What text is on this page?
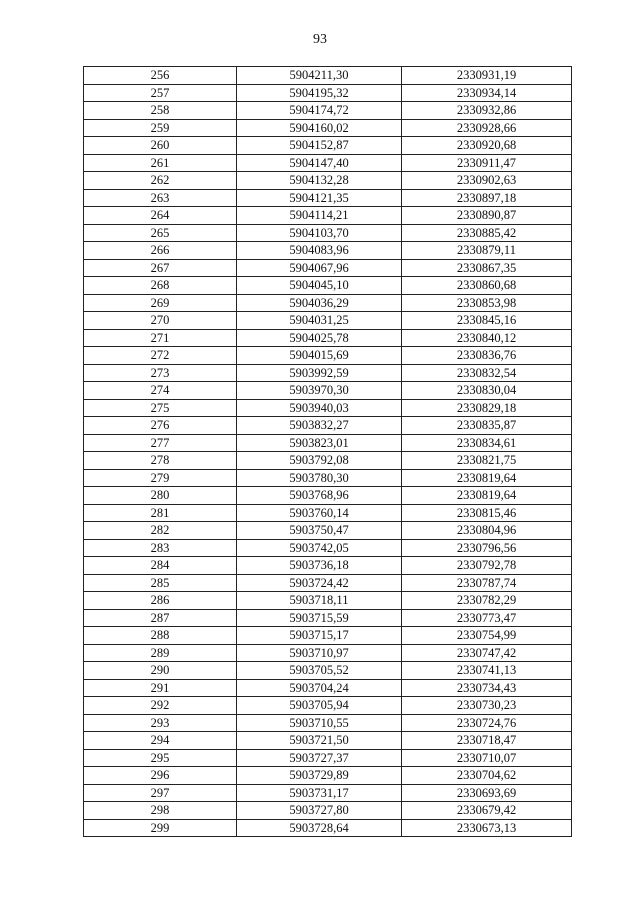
93
256	5904211,30	2330931,19
257	5904195,32	2330934,14
258	5904174,72	2330932,86
259	5904160,02	2330928,66
260	5904152,87	2330920,68
261	5904147,40	2330911,47
262	5904132,28	2330902,63
263	5904121,35	2330897,18
264	5904114,21	2330890,87
265	5904103,70	2330885,42
266	5904083,96	2330879,11
267	5904067,96	2330867,35
268	5904045,10	2330860,68
269	5904036,29	2330853,98
270	5904031,25	2330845,16
271	5904025,78	2330840,12
272	5904015,69	2330836,76
273	5903992,59	2330832,54
274	5903970,30	2330830,04
275	5903940,03	2330829,18
276	5903832,27	2330835,87
277	5903823,01	2330834,61
278	5903792,08	2330821,75
279	5903780,30	2330819,64
280	5903768,96	2330819,64
281	5903760,14	2330815,46
282	5903750,47	2330804,96
283	5903742,05	2330796,56
284	5903736,18	2330792,78
285	5903724,42	2330787,74
286	5903718,11	2330782,29
287	5903715,59	2330773,47
288	5903715,17	2330754,99
289	5903710,97	2330747,42
290	5903705,52	2330741,13
291	5903704,24	2330734,43
292	5903705,94	2330730,23
293	5903710,55	2330724,76
294	5903721,50	2330718,47
295	5903727,37	2330710,07
296	5903729,89	2330704,62
297	5903731,17	2330693,69
298	5903727,80	2330679,42
299	5903728,64	2330673,13
